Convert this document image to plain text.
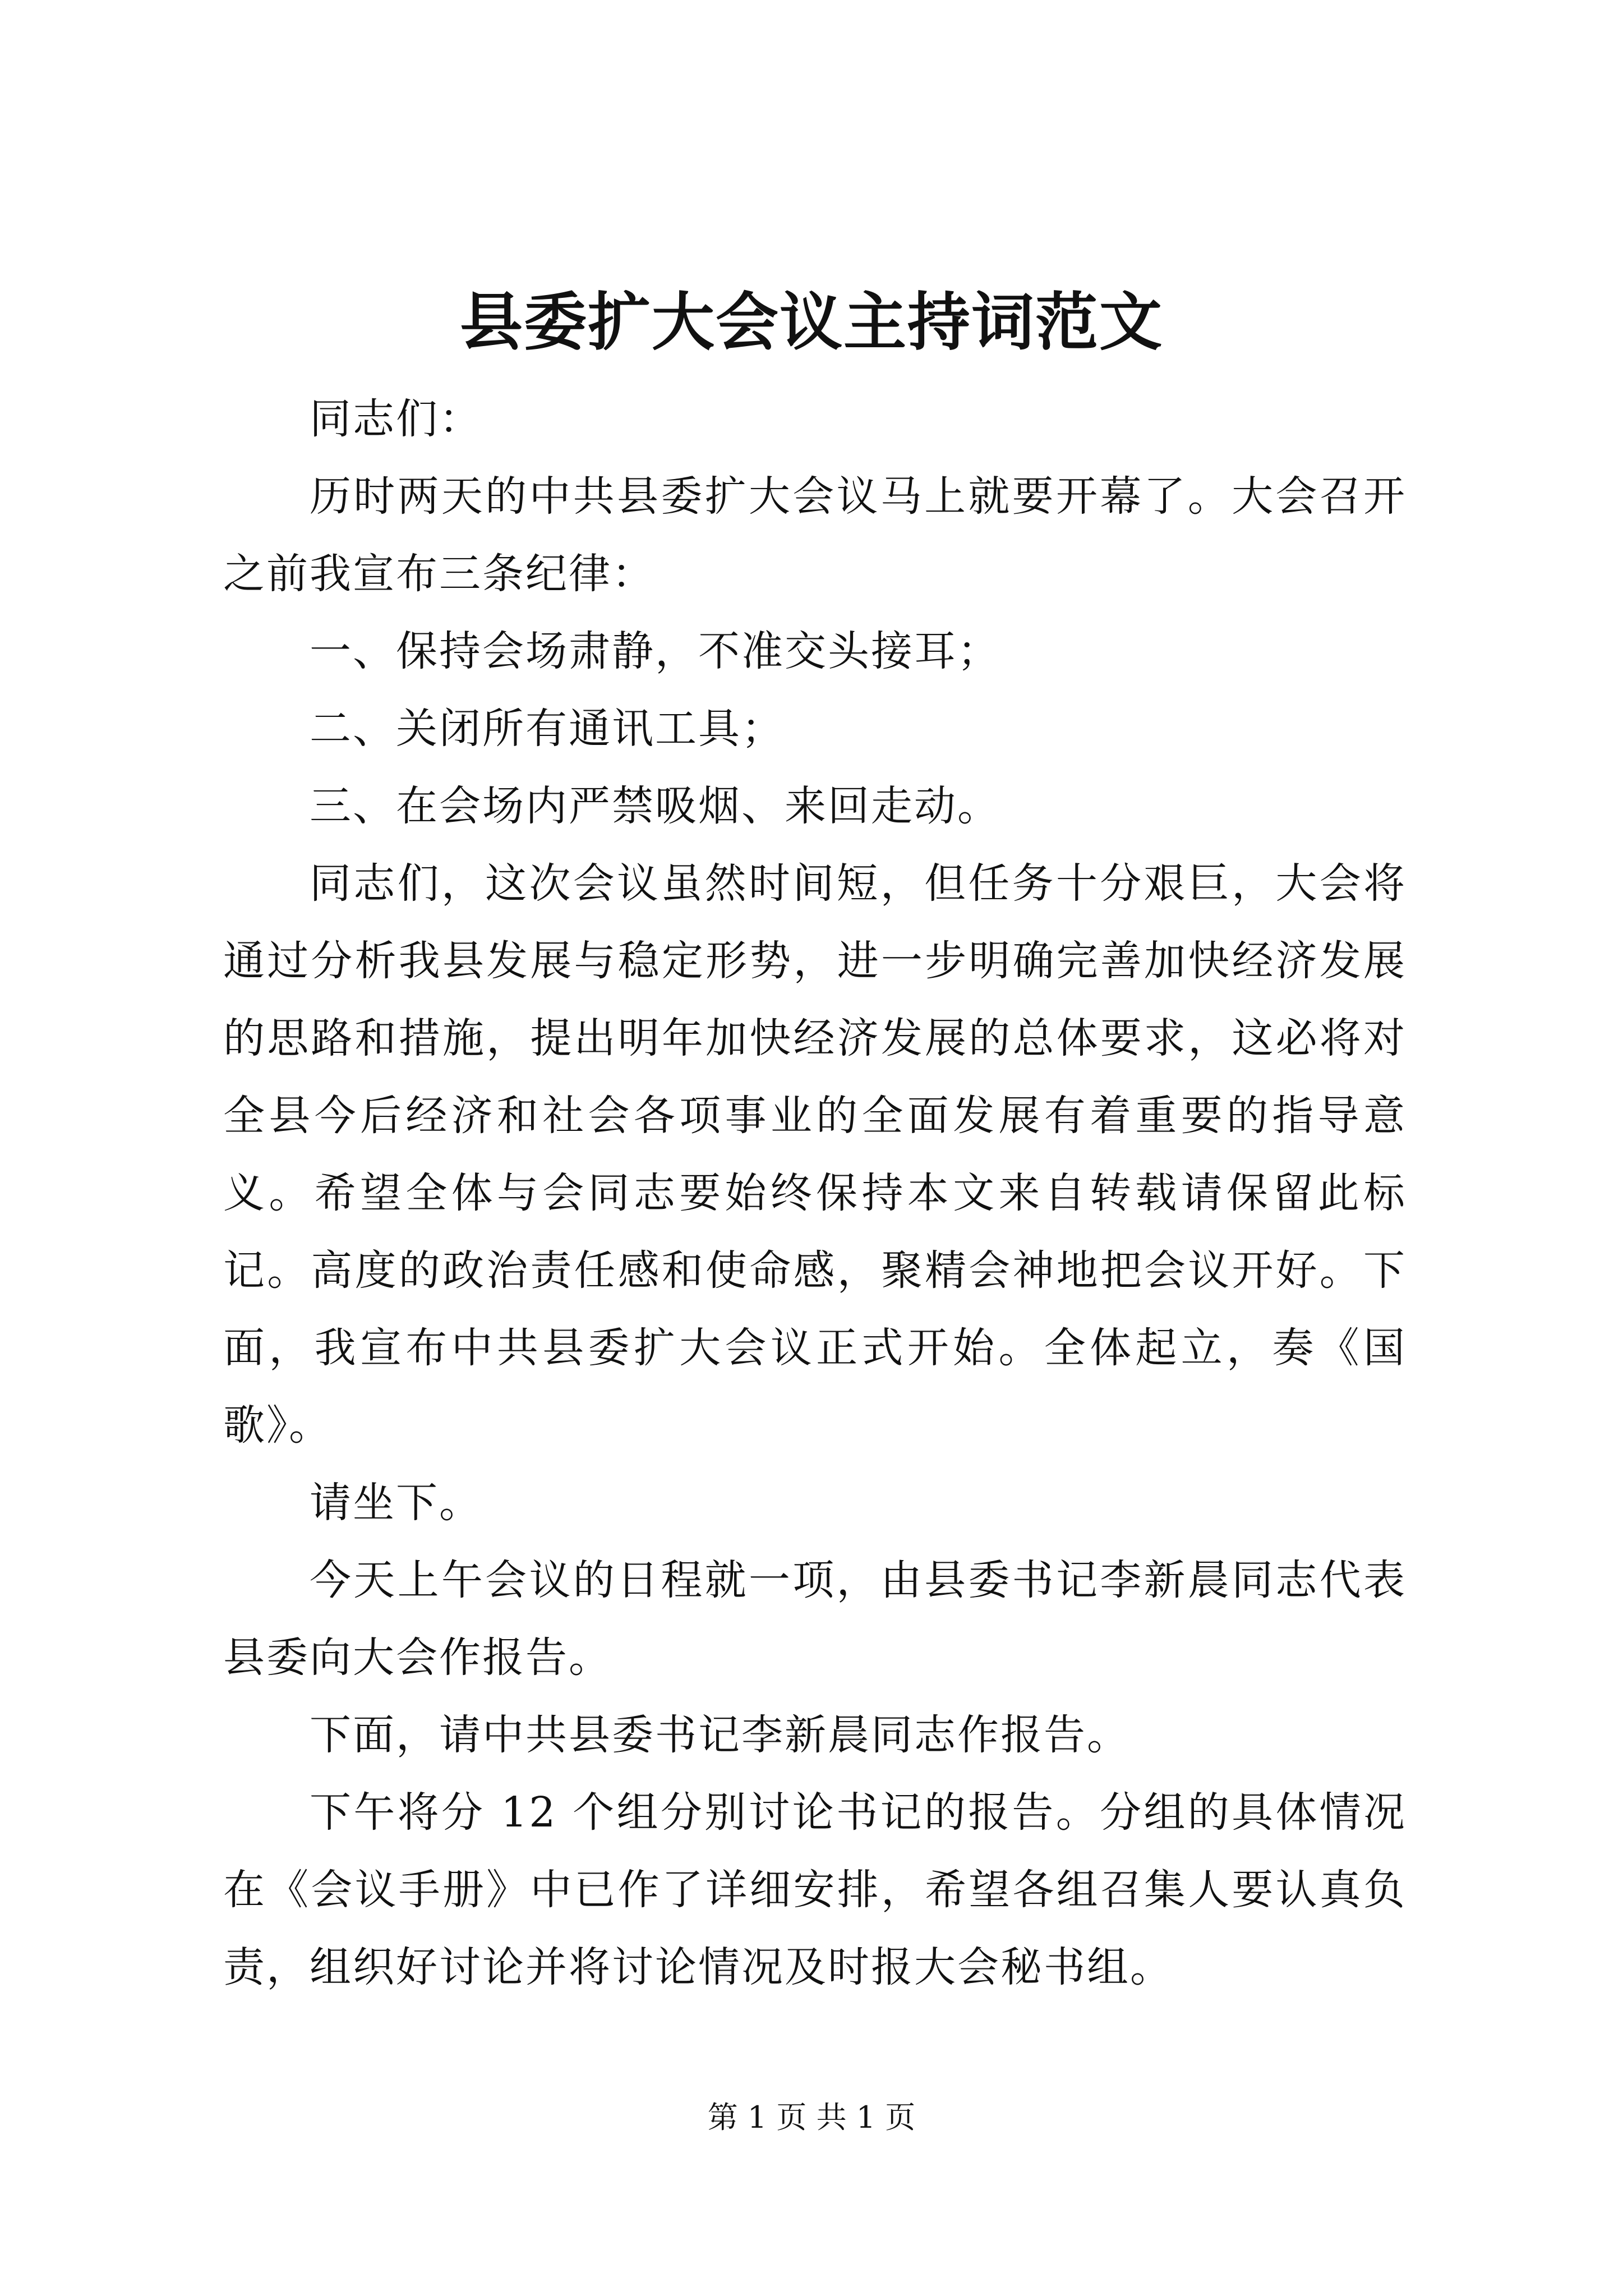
县委扩大会议主持词范文

同志们：

历时两天的中共县委扩大会议马上就要开幕了。大会召开之前我宣布三条纪律：

一、保持会场肃静，不准交头接耳；

二、关闭所有通讯工具；

三、在会场内严禁吸烟、来回走动。

同志们，这次会议虽然时间短，但任务十分艰巨，大会将通过分析我县发展与稳定形势，进一步明确完善加快经济发展的思路和措施，提出明年加快经济发展的总体要求，这必将对全县今后经济和社会各项事业的全面发展有着重要的指导意义。希望全体与会同志要始终保持本文来自转载请保留此标记。高度的政治责任感和使命感，聚精会神地把会议开好。下面，我宣布中共县委扩大会议正式开始。全体起立，奏《国歌》。

请坐下。

今天上午会议的日程就一项，由县委书记李新晨同志代表县委向大会作报告。

下面，请中共县委书记李新晨同志作报告。

下午将分 12 个组分别讨论书记的报告。分组的具体情况在《会议手册》中已作了详细安排，希望各组召集人要认真负责，组织好讨论并将讨论情况及时报大会秘书组。

第 1 页 共 1 页
